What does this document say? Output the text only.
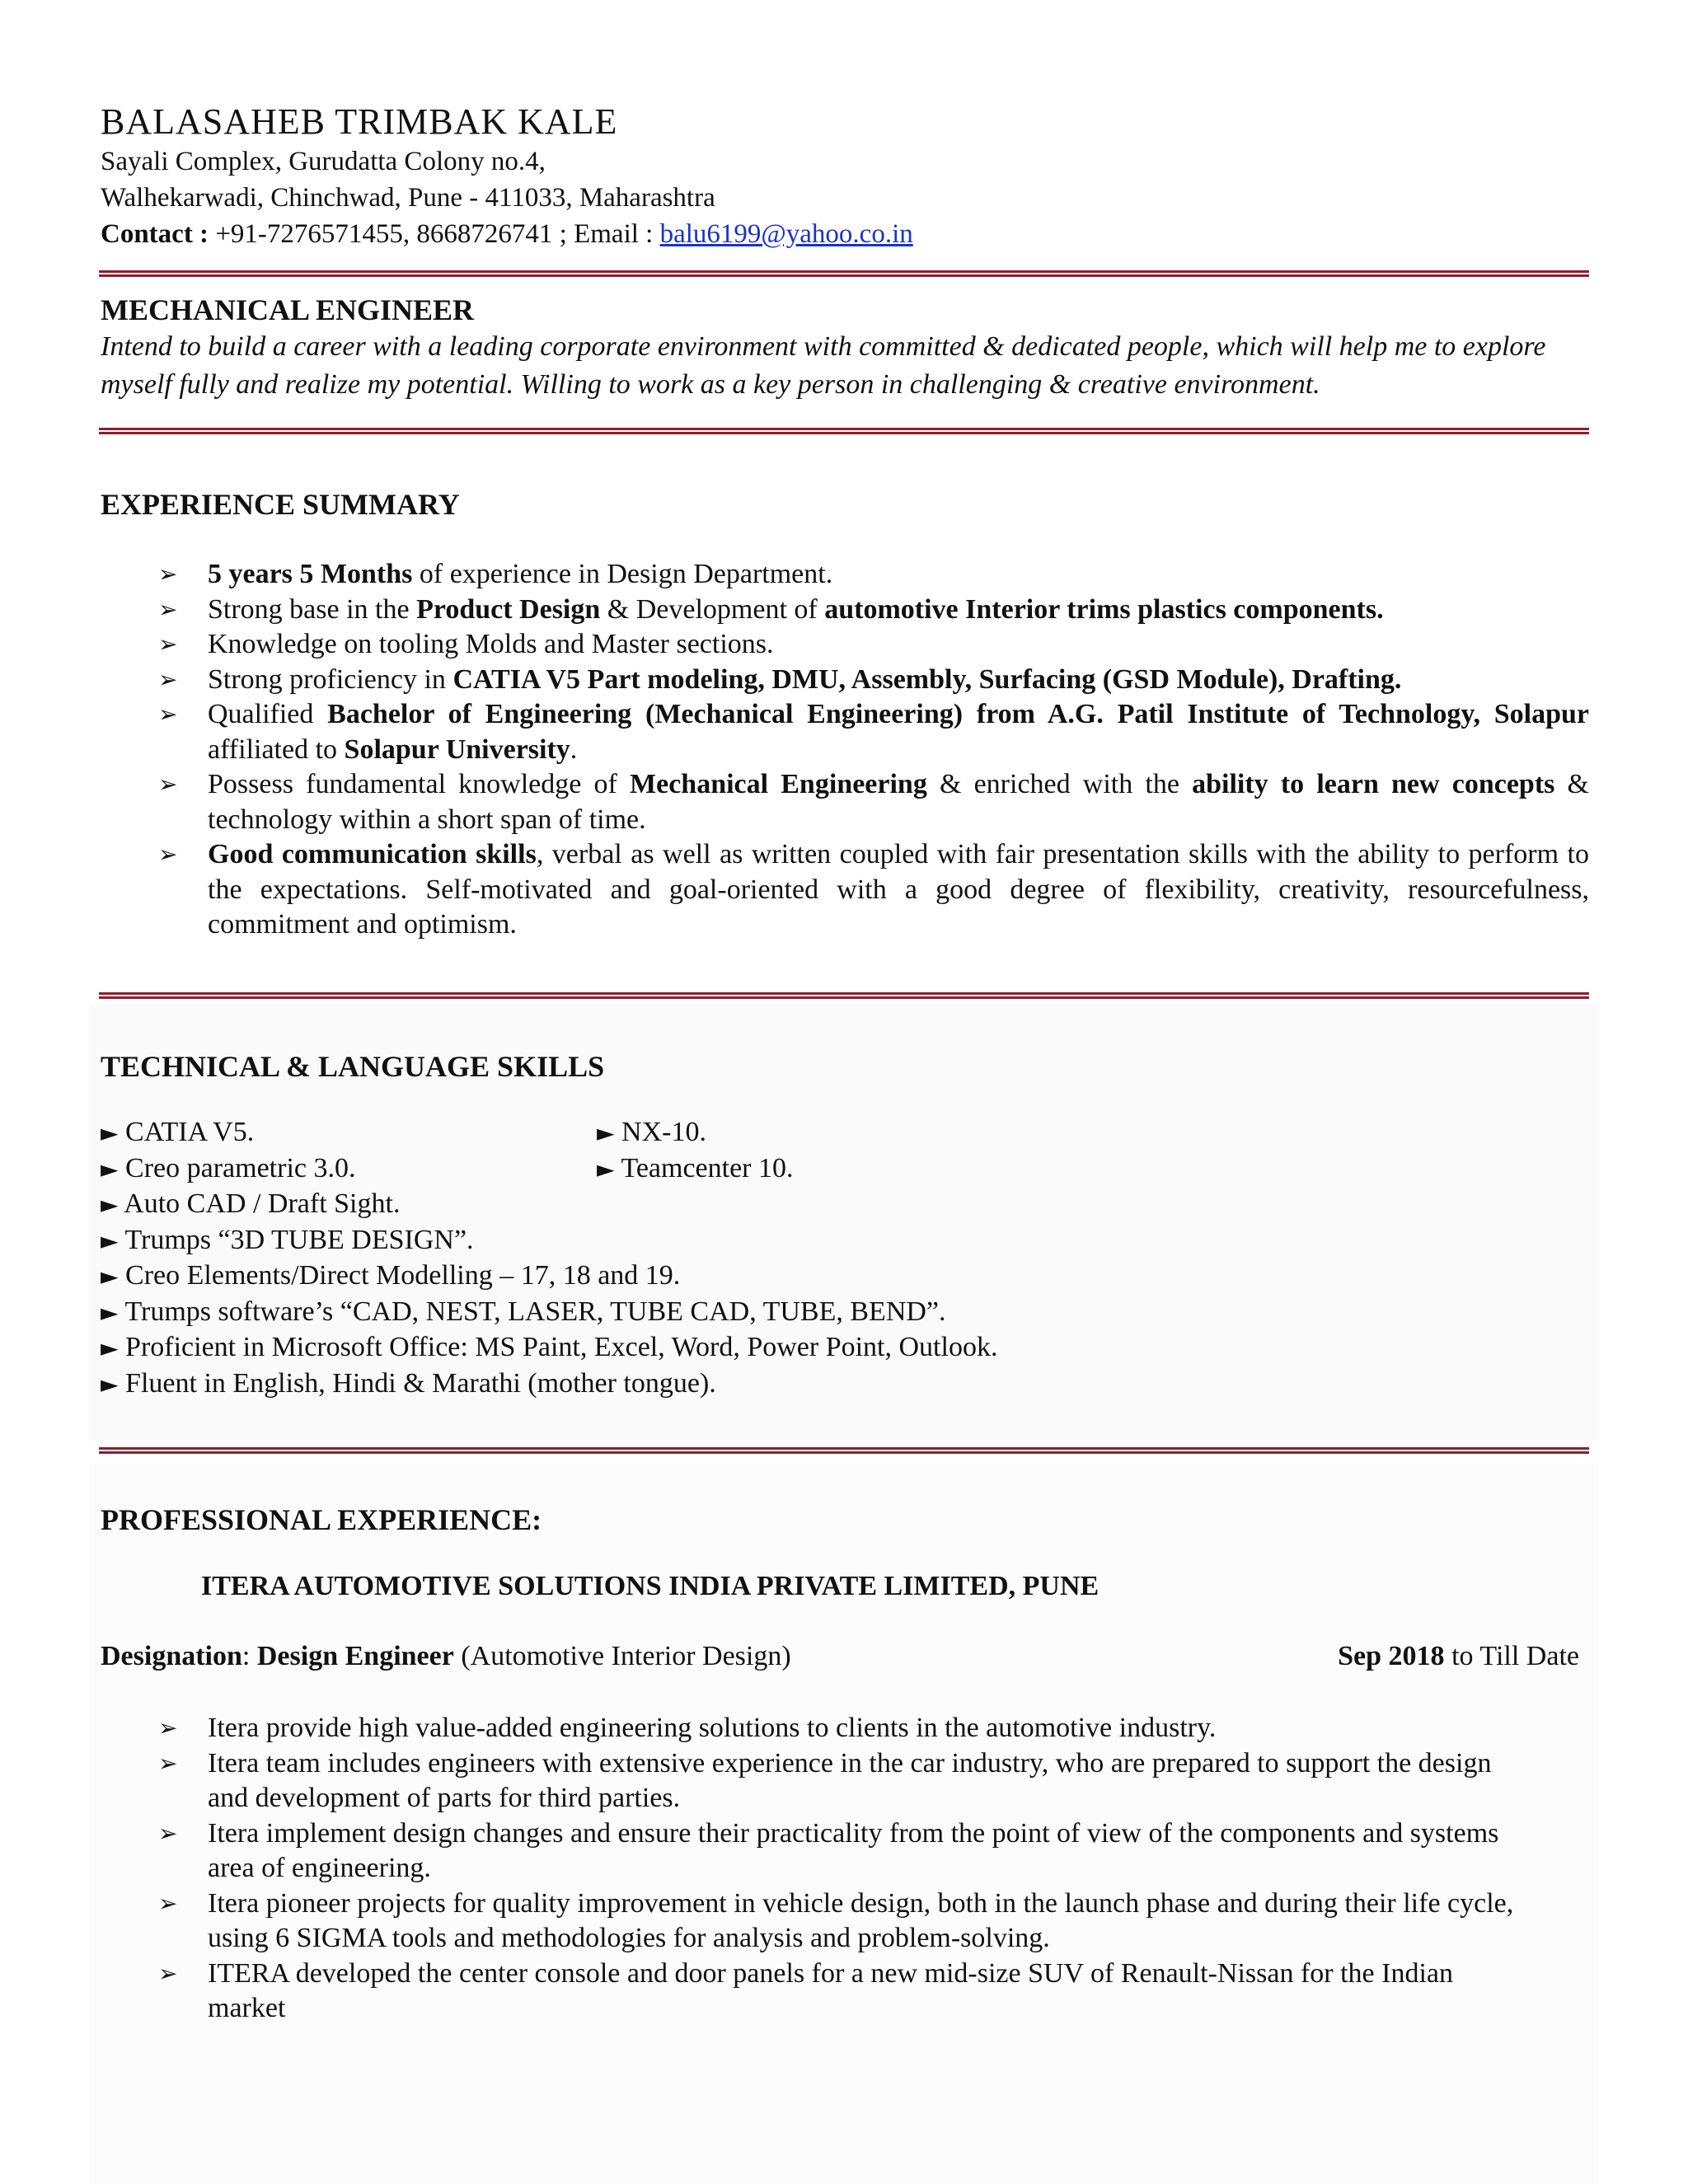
BALASAHEB TRIMBAK KALE
Sayali Complex, Gurudatta Colony no.4,
Walhekarwadi, Chinchwad, Pune - 411033, Maharashtra
Contact : +91-7276571455, 8668726741 ; Email : balu6199@yahoo.co.in
MECHANICAL ENGINEER
Intend to build a career with a leading corporate environment with committed & dedicated people, which will help me to explore myself fully and realize my potential. Willing to work as a key person in challenging & creative environment.
EXPERIENCE SUMMARY
➢ 5 years 5 Months of experience in Design Department.
➢ Strong base in the Product Design & Development of automotive Interior trims plastics components.
➢ Knowledge on tooling Molds and Master sections.
➢ Strong proficiency in CATIA V5 Part modeling, DMU, Assembly, Surfacing (GSD Module), Drafting.
➢ Qualified Bachelor of Engineering (Mechanical Engineering) from A.G. Patil Institute of Technology, Solapur affiliated to Solapur University.
➢ Possess fundamental knowledge of Mechanical Engineering & enriched with the ability to learn new concepts & technology within a short span of time.
➢ Good communication skills, verbal as well as written coupled with fair presentation skills with the ability to perform to the expectations. Self-motivated and goal-oriented with a good degree of flexibility, creativity, resourcefulness, commitment and optimism.
TECHNICAL & LANGUAGE SKILLS
► CATIA V5.	► NX-10.
► Creo parametric 3.0.	► Teamcenter 10.
► Auto CAD / Draft Sight.
► Trumps “3D TUBE DESIGN”.
► Creo Elements/Direct Modelling – 17, 18 and 19.
► Trumps software’s “CAD, NEST, LASER, TUBE CAD, TUBE, BEND”.
► Proficient in Microsoft Office: MS Paint, Excel, Word, Power Point, Outlook.
► Fluent in English, Hindi & Marathi (mother tongue).
PROFESSIONAL EXPERIENCE:
ITERA AUTOMOTIVE SOLUTIONS INDIA PRIVATE LIMITED, PUNE
Designation: Design Engineer (Automotive Interior Design)	Sep 2018 to Till Date
➢ Itera provide high value-added engineering solutions to clients in the automotive industry.
➢ Itera team includes engineers with extensive experience in the car industry, who are prepared to support the design and development of parts for third parties.
➢ Itera implement design changes and ensure their practicality from the point of view of the components and systems area of engineering.
➢ Itera pioneer projects for quality improvement in vehicle design, both in the launch phase and during their life cycle, using 6 SIGMA tools and methodologies for analysis and problem-solving.
➢ ITERA developed the center console and door panels for a new mid-size SUV of Renault-Nissan for the Indian market
